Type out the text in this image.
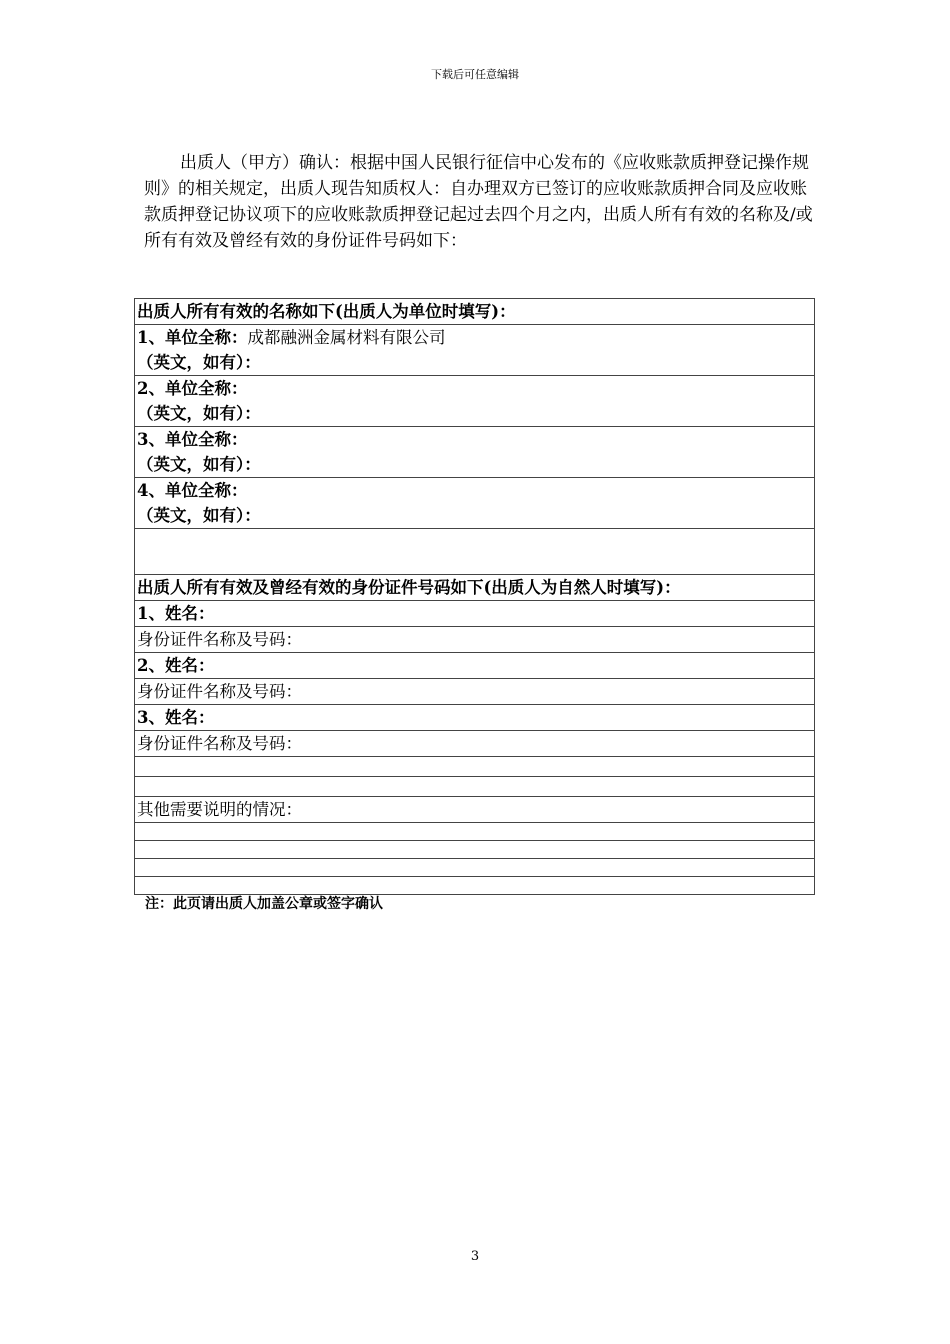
下载后可任意编辑

出质人（甲方）确认：根据中国人民银行征信中心发布的《应收账款质押登记操作规则》的相关规定，出质人现告知质权人：自办理双方已签订的应收账款质押合同及应收账款质押登记协议项下的应收账款质押登记起过去四个月之内，出质人所有有效的名称及/或所有有效及曾经有效的身份证件号码如下：

出质人所有有效的名称如下(出质人为单位时填写)：

1、单位全称：成都融洲金属材料有限公司
（英文，如有）：

2、单位全称：
（英文，如有）：

3、单位全称：
（英文，如有）：

4、单位全称：
（英文，如有）：

出质人所有有效及曾经有效的身份证件号码如下(出质人为自然人时填写)：
1、姓名：
身份证件名称及号码：
2、姓名：
身份证件名称及号码：
3、姓名：
身份证件名称及号码：

其他需要说明的情况：

注：此页请出质人加盖公章或签字确认
3
